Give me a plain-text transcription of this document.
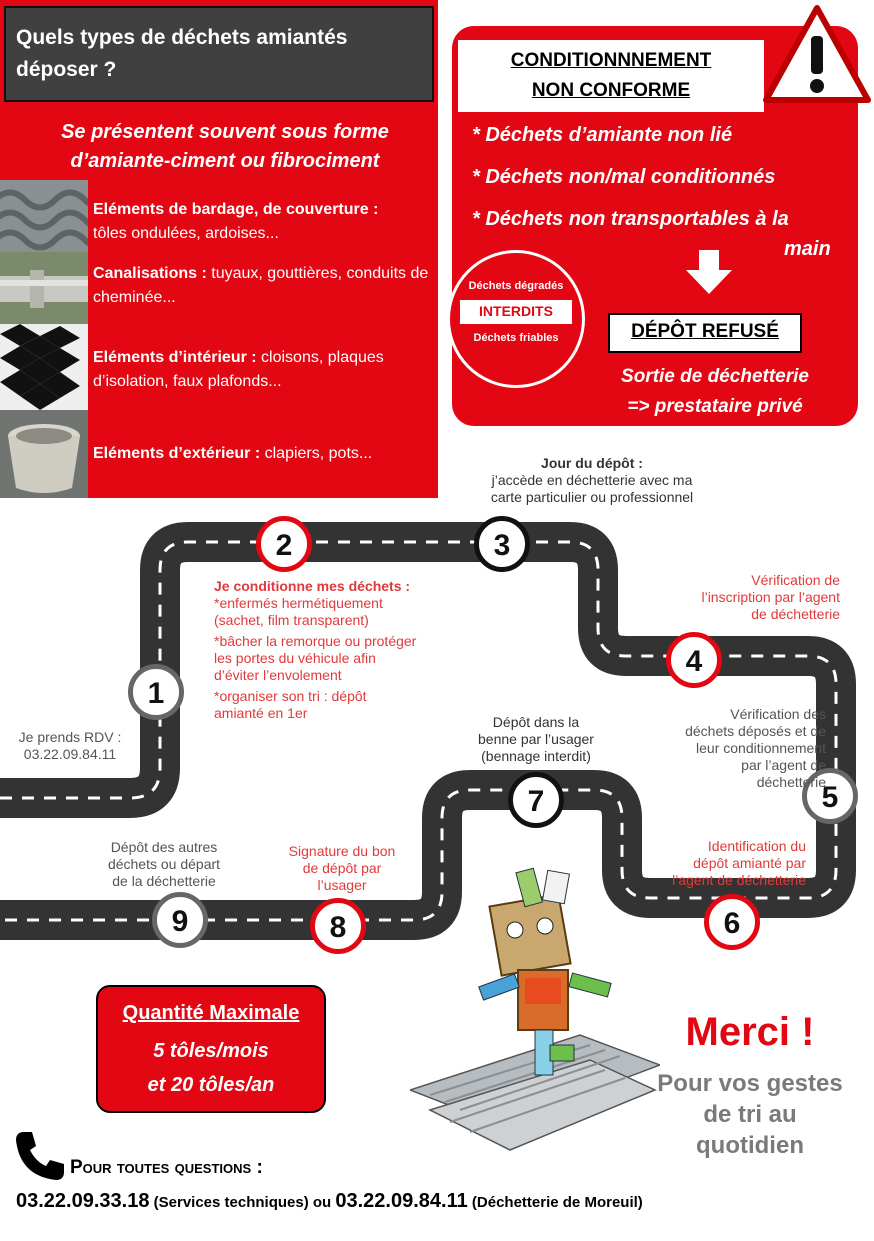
Quels types de déchets amiantés déposer ?
Se présentent souvent sous forme d’amiante-ciment ou fibrociment
Eléments de bardage, de couverture :
tôles ondulées, ardoises...
Canalisations : tuyaux, gouttières, conduits de cheminée...
Eléments d’intérieur : cloisons, plaques d’isolation, faux plafonds...
Eléments d’extérieur : clapiers, pots...
CONDITIONNNEMENT
NON CONFORME
* Déchets d’amiante non lié
* Déchets non/mal conditionnés
* Déchets non transportables à la
main
Déchets dégradés
INTERDITS
Déchets friables	DÉPÔT REFUSÉ
Sortie de déchetterie
=> prestataire privé
1
2	3
4
5
6
7
8
9
Je prends RDV :
03.22.09.84.11
Je conditionne mes déchets :
*enfermés hermétiquement
(sachet, film transparent)
*bâcher la remorque ou protéger
les portes du véhicule afin
d’éviter l’envolement
*organiser son tri : dépôt
amianté en 1er
Jour du dépôt :
j’accède en déchetterie avec ma
carte particulier ou professionnel
Vérification de
l’inscription par l’agent
de déchetterie
Vérification des
déchets déposés et de
leur conditionnement
par l’agent de
déchetterie
Identification du
dépôt amianté par
l’agent de déchetterie
Dépôt dans la
benne par l’usager
(bennage interdit)
Signature du bon
de dépôt par
l’usager
Dépôt des autres
déchets ou départ
de la déchetterie
Quantité Maximale
5 tôles/mois
et 20 tôles/an
Merci !
Pour vos gestes
de tri au
quotidien
Pour toutes questions :
03.22.09.33.18 (Services techniques) ou 03.22.09.84.11 (Déchetterie de Moreuil)
